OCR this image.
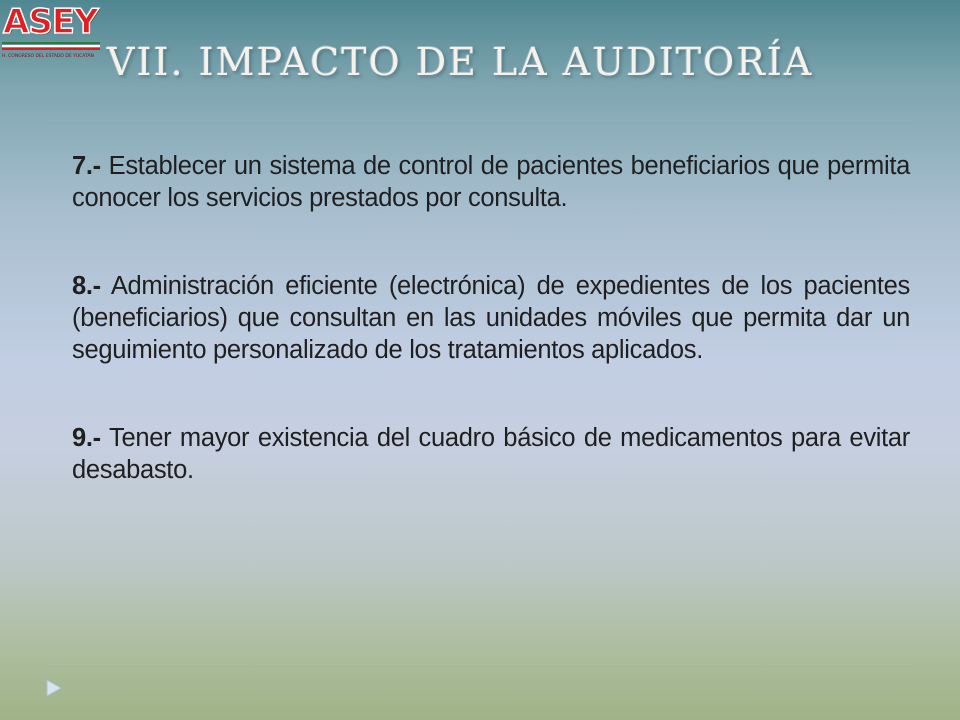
ASEY
H. CONGRESO DEL ESTADO DE YUCATÁN VII. IMPACTO DE LA AUDITORÍA

7.- Establecer un sistema de control de pacientes beneficiarios que permita conocer los servicios prestados por consulta.

8.- Administración eficiente (electrónica) de expedientes de los pacientes (beneficiarios) que consultan en las unidades móviles que permita dar un seguimiento personalizado de los tratamientos aplicados.

9.- Tener mayor existencia del cuadro básico de medicamentos para evitar desabasto.
